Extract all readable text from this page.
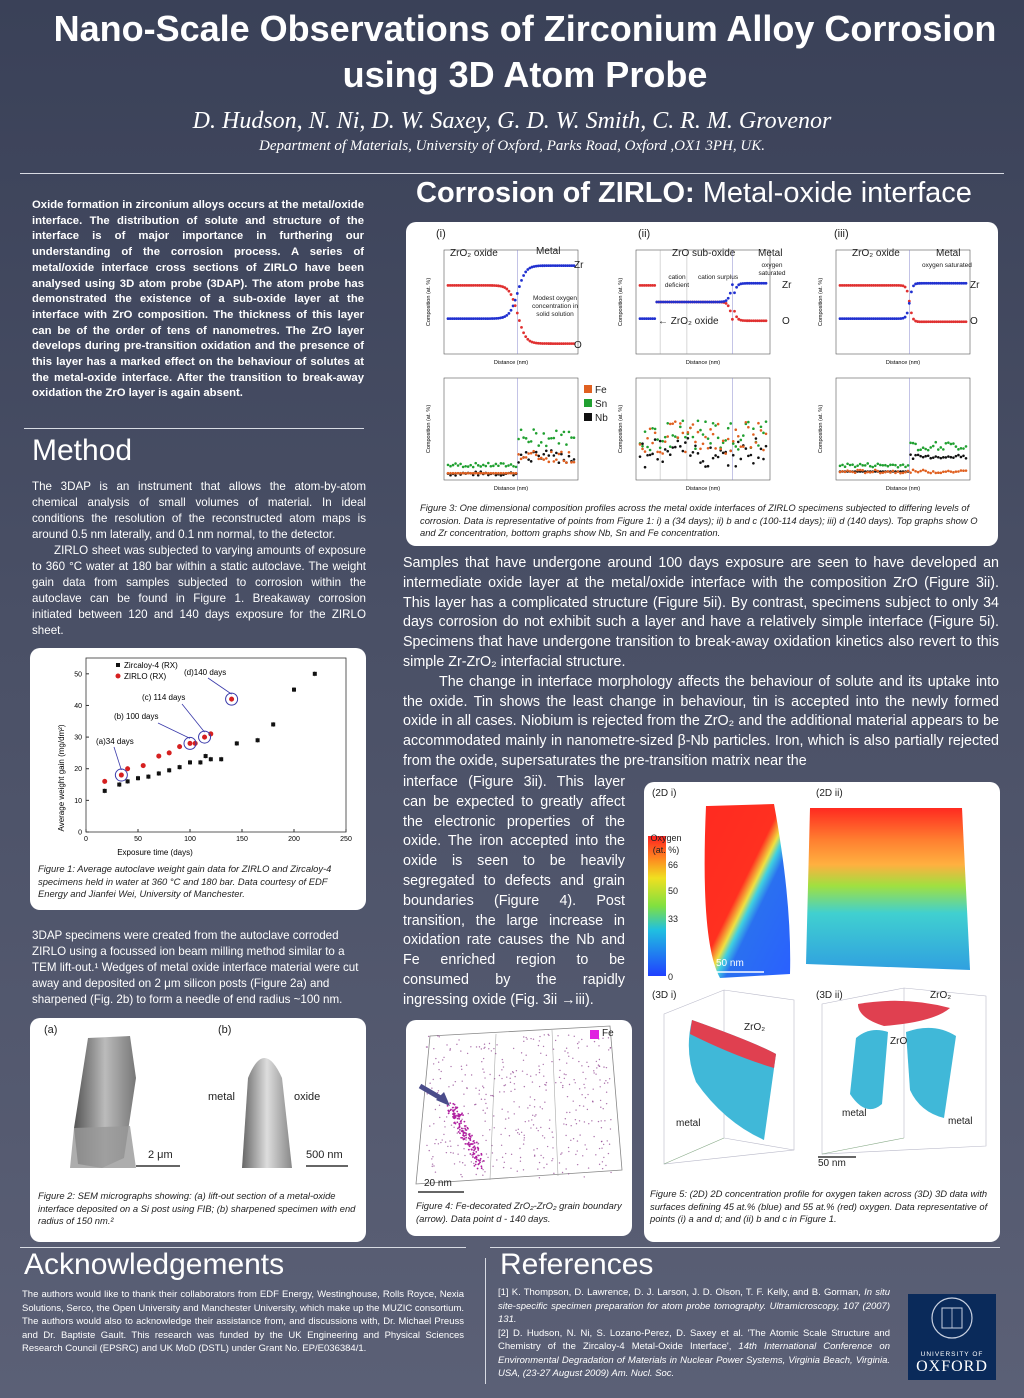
Nano-Scale Observations of Zirconium Alloy Corrosion
using 3D Atom Probe
D. Hudson, N. Ni, D. W. Saxey, G. D. W. Smith, C. R. M. Grovenor
Department of Materials, University of Oxford, Parks Road, Oxford ,OX1 3PH, UK.
Oxide formation in zirconium alloys occurs at the metal/oxide interface. The distribution of solute and structure of the interface is of major importance in furthering our understanding of the corrosion process. A series of metal/oxide interface cross sections of ZIRLO have been analysed using 3D atom probe (3DAP). The atom probe has demonstrated the existence of a sub-oxide layer at the interface with ZrO composition. The thickness of this layer can be of the order of tens of nanometres. The ZrO layer develops during pre-transition oxidation and the presence of this layer has a marked effect on the behaviour of solutes at the metal-oxide interface. After the transition to break-away oxidation the ZrO layer is again absent.
Method

The 3DAP is an instrument that allows the atom-by-atom chemical analysis of small volumes of material. In ideal conditions the resolution of the reconstructed atom maps is around 0.5 nm laterally, and 0.1 nm normal, to the detector.

ZIRLO sheet was subjected to varying amounts of exposure to 360 °C water at 180 bar within a static autoclave. The weight gain data from samples subjected to corrosion within the autoclave can be found in Figure 1. Breakaway corrosion initiated between 120 and 140 days exposure for the ZIRLO sheet.

0	50	100	150	200	250
0
10
20
30
40
50
Exposure time (days)
Average weight gain (mg/dm²)
Zircaloy-4 (RX)
ZIRLO (RX)
(a)34 days
(b) 100 days
(c) 114 days
(d)140 days
Figure 1: Average autoclave weight gain data for ZIRLO and Zircaloy-4 specimens held in water at 360 °C and 180 bar. Data courtesy of EDF Energy and Jianfei Wei, University of Manchester.
3DAP specimens were created from the autoclave corroded ZIRLO using a focussed ion beam milling method similar to a TEM lift-out.¹ Wedges of metal oxide interface material were cut away and deposited on 2 μm silicon posts (Figure 2a) and sharpened (Fig. 2b) to form a needle of end radius ~100 nm.
(a)	(b)
metal	oxide
2 μm	500 nm
Figure 2: SEM micrographs showing: (a) lift-out section of a metal-oxide interface deposited on a Si post using FIB; (b) sharpened specimen with end radius of 150 nm.²
Corrosion of ZIRLO: Metal-oxide interface
Distance (nm)
Distance (nm)
Composition (at. %)
Composition (at. %)
Distance (nm)
Distance (nm)
Composition (at. %)
Composition (at. %)
Distance (nm)
Distance (nm)
Composition (at. %)
Composition (at. %)
(i)	(ii)	(iii)
ZrO₂ oxide	Metal
Zr
O
Modest oxygen
concentration in
solid solution
ZrO sub-oxide Metal
oxygen
saturated
cation
deficient
cation surplus
Zr
O
← ZrO₂ oxide
ZrO₂ oxide	Metal
oxygen saturated
Zr
O
Fe
Sn
Nb
Figure 3: One dimensional composition profiles across the metal oxide interfaces of ZIRLO specimens subjected to differing levels of corrosion. Data is representative of points from Figure 1: i) a (34 days); ii) b and c (100-114 days); iii) d (140 days). Top graphs show O and Zr concentration, bottom graphs show Nb, Sn and Fe concentration.

Samples that have undergone around 100 days exposure are seen to have developed an intermediate oxide layer at the metal/oxide interface with the composition ZrO (Figure 3ii). This layer has a complicated structure (Figure 5ii). By contrast, specimens subject to only 34 days corrosion do not exhibit such a layer and have a relatively simple interface (Figure 5i). Specimens that have undergone transition to break-away oxidation kinetics also revert to this simple Zr-ZrO₂ interfacial structure.

The change in interface morphology affects the behaviour of solute and its uptake into the oxide. Tin shows the least change in behaviour, tin is accepted into the newly formed oxide in all cases. Niobium is rejected from the ZrO₂ and the additional material appears to be accommodated mainly in nanometre-sized β-Nb particles. Iron, which is also partially rejected from the oxide, supersaturates the pre-transition matrix near the

interface (Figure 3ii). This layer can be expected to greatly affect the electronic properties of the oxide. The iron accepted into the oxide is seen to be heavily segregated to defects and grain boundaries (Figure 4). Post transition, the large increase in oxidation rate causes the Nb and Fe enriched region to be consumed by the rapidly ingressing oxide (Fig. 3ii →iii).
Fe
20 nm
Figure 4: Fe-decorated ZrO₂-ZrO₂ grain boundary (arrow). Data point d - 140 days.
(2D i)	(2D ii)
Oxygen
(at. %)
66
50
33
0
50 nm
(3D i)	(3D ii)
ZrO₂
metal
ZrO₂
ZrO
metal
metal
50 nm
Figure 5: (2D) 2D concentration profile for oxygen taken across (3D) 3D data with surfaces defining 45 at.% (blue) and 55 at.% (red) oxygen. Data representative of points (i) a and d; and (ii) b and c in Figure 1.
Acknowledgements
The authors would like to thank their collaborators from EDF Energy, Westinghouse, Rolls Royce, Nexia Solutions, Serco, the Open University and Manchester University, which make up the MUZIC consortium. The authors would also to acknowledge their assistance from, and discussions with, Dr. Michael Preuss and Dr. Baptiste Gault. This research was funded by the UK Engineering and Physical Sciences Research Council (EPSRC) and UK MoD (DSTL) under Grant No. EP/E036384/1.
References

[1] K. Thompson, D. Lawrence, D. J. Larson, J. D. Olson, T. F. Kelly, and B. Gorman, In situ site-specific specimen preparation for atom probe tomography. Ultramicroscopy, 107 (2007) 131.

[2] D. Hudson, N. Ni, S. Lozano-Perez, D. Saxey et al. 'The Atomic Scale Structure and Chemistry of the Zircaloy-4 Metal-Oxide Interface', 14th International Conference on Environmental Degradation of Materials in Nuclear Power Systems, Virginia Beach, Virginia. USA, (23-27 August 2009) Am. Nucl. Soc.

UNIVERSITY OF
OXFORD
